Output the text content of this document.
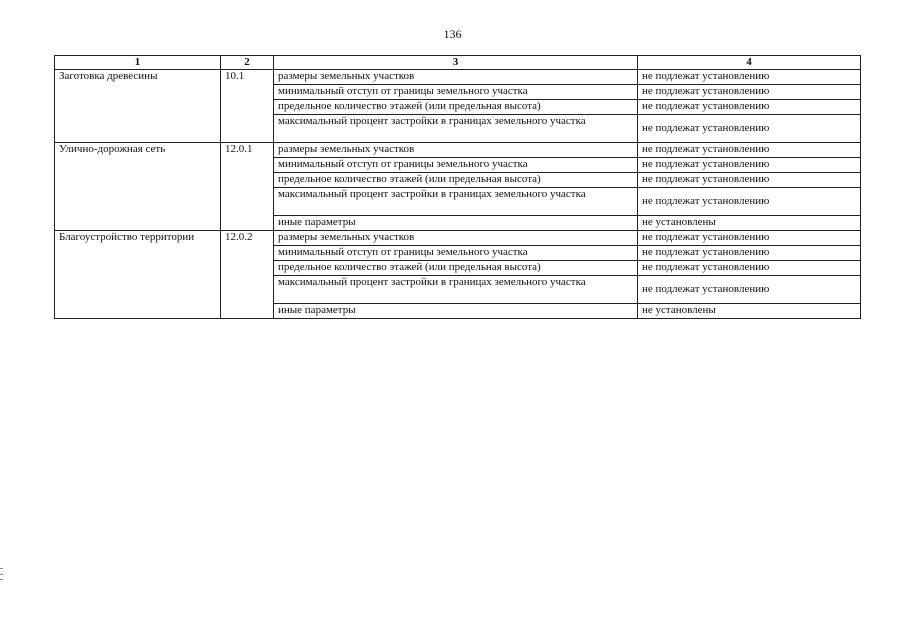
136
1	2	3	4
Заготовка древесины	10.1	размеры земельных участков	не подлежат установлению
		минимальный отступ от границы земельного участка	не подлежат установлению
		предельное количество этажей (или предельная высота)	не подлежат установлению
		максимальный процент застройки в границах земельного участка	не подлежат установлению
Улично-дорожная сеть	12.0.1	размеры земельных участков	не подлежат установлению
		минимальный отступ от границы земельного участка	не подлежат установлению
		предельное количество этажей (или предельная высота)	не подлежат установлению
		максимальный процент застройки в границах земельного участка	не подлежат установлению
		иные параметры	не установлены
Благоустройство территории	12.0.2	размеры земельных участков	не подлежат установлению
		минимальный отступ от границы земельного участка	не подлежат установлению
		предельное количество этажей (или предельная высота)	не подлежат установлению
		максимальный процент застройки в границах земельного участка	не подлежат установлению
		иные параметры	не установлены
